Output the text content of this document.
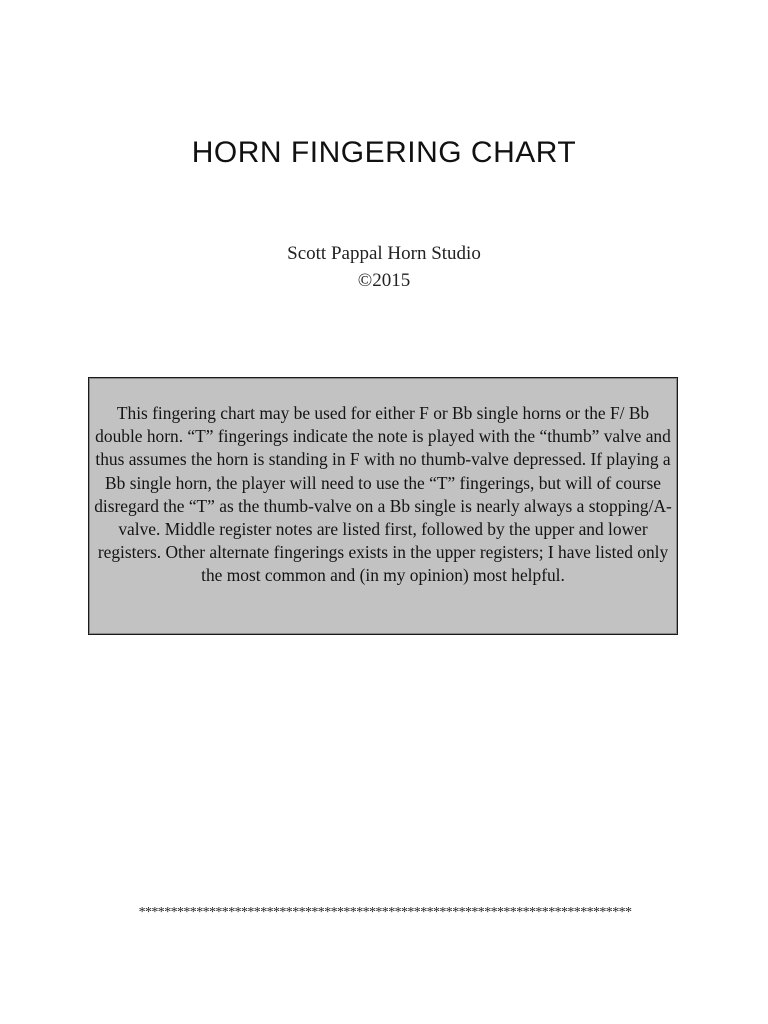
HORN FINGERING CHART
Scott Pappal Horn Studio
©2015
This fingering chart may be used for either F or Bb single horns or the F/ Bb double horn. “T” fingerings indicate the note is played with the “thumb” valve and thus assumes the horn is standing in F with no thumb-valve depressed. If playing a Bb single horn, the player will need to use the “T” fingerings, but will of course disregard the “T” as the thumb-valve on a Bb single is nearly always a stopping/A-valve. Middle register notes are listed first, followed by the upper and lower registers. Other alternate fingerings exists in the upper registers; I have listed only the most common and (in my opinion) most helpful.
*****************************************************************************
